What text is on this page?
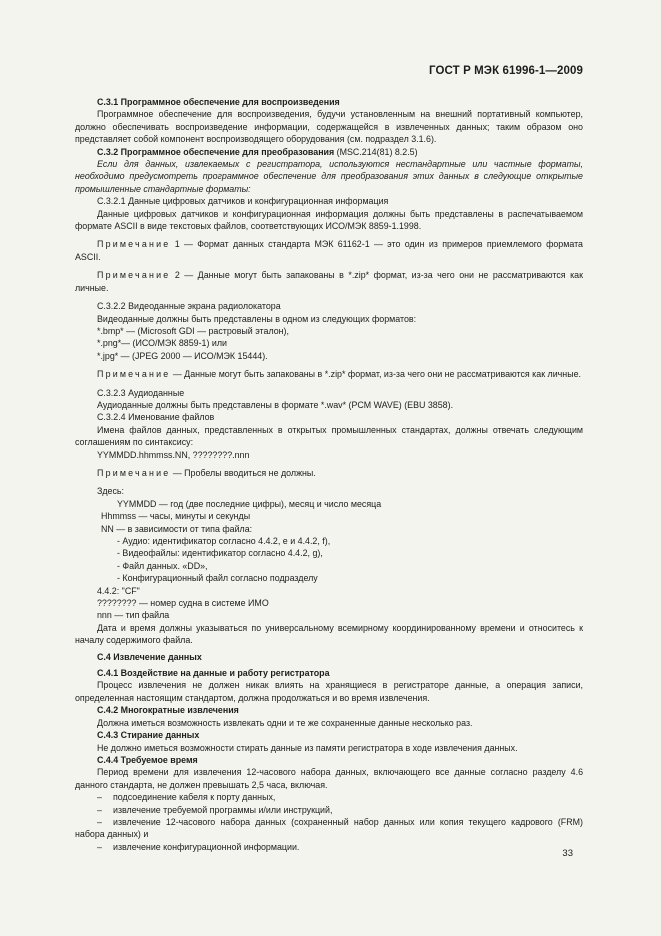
ГОСТ Р МЭК 61996-1—2009

С.3.1 Программное обеспечение для воспроизведения

Программное обеспечение для воспроизведения, будучи установленным на внешний портативный компьютер, должно обеспечивать воспроизведение информации, содержащейся в извлеченных данных; таким образом оно представляет собой компонент воспроизводящего оборудования (см. подраздел 3.1.6).

С.3.2 Программное обеспечение для преобразования (MSC.214(81) 8.2.5)

Если для данных, извлекаемых с регистратора, используются нестандартные или частные форматы, необходимо предусмотреть программное обеспечение для преобразования этих данных в следующие открытые промышленные стандартные форматы:

С.3.2.1 Данные цифровых датчиков и конфигурационная информация

Данные цифровых датчиков и конфигурационная информация должны быть представлены в распечатываемом формате ASCII в виде текстовых файлов, соответствующих ИСО/МЭК 8859-1.1998.

Примечание 1 — Формат данных стандарта МЭК 61162-1 — это один из примеров приемлемого формата ASCII.

Примечание 2 — Данные могут быть запакованы в *.zip* формат, из-за чего они не рассматриваются как личные.

С.3.2.2 Видеоданные экрана радиолокатора

Видеоданные должны быть представлены в одном из следующих форматов:

*.bmp* — (Microsoft GDI — растровый эталон),

*.png*— (ИСО/МЭК 8859-1) или

*.jpg* — (JPEG 2000 — ИСО/МЭК 15444).

Примечание — Данные могут быть запакованы в *.zip* формат, из-за чего они не рассматриваются как личные.

С.3.2.3 Аудиоданные

Аудиоданные должны быть представлены в формате *.wav* (PCM WAVE) (EBU 3858).

С.3.2.4 Именование файлов

Имена файлов данных, представленных в открытых промышленных стандартах, должны отвечать следующим соглашениям по синтаксису:

YYMMDD.hhmmss.NN, ????????.nnn

Примечание — Пробелы вводиться не должны.

Здесь:

YYMMDD — год (две последние цифры), месяц и число месяца

Hhmmss — часы, минуты и секунды

NN — в зависимости от типа файла:

- Аудио: идентификатор согласно 4.4.2, е и 4.4.2, f),

- Видеофайлы: идентификатор согласно 4.4.2, g),

- Файл данных. «DD»,

- Конфигурационный файл согласно подразделу

4.4.2: "CF"

???????? — номер судна в системе ИМО

nnn — тип файла

Дата и время должны указываться по универсальному всемирному координированному времени и относитесь к началу содержимого файла.

С.4 Извлечение данных

С.4.1 Воздействие на данные и работу регистратора

Процесс извлечения не должен никак влиять на хранящиеся в регистраторе данные, а операция записи, определенная настоящим стандартом, должна продолжаться и во время извлечения.

С.4.2 Многократные извлечения

Должна иметься возможность извлекать одни и те же сохраненные данные несколько раз.

С.4.3 Стирание данных

Не должно иметься возможности стирать данные из памяти регистратора в ходе извлечения данных.

С.4.4 Требуемое время

Период времени для извлечения 12-часового набора данных, включающего все данные согласно разделу 4.6 данного стандарта, не должен превышать 2,5 часа, включая.

– подсоединение кабеля к порту данных,

– извлечение требуемой программы и/или инструкций,

– извлечение 12-часового набора данных (сохраненный набор данных или копия текущего кадрового (FRM) набора данных) и

– извлечение конфигурационной информации.

33
